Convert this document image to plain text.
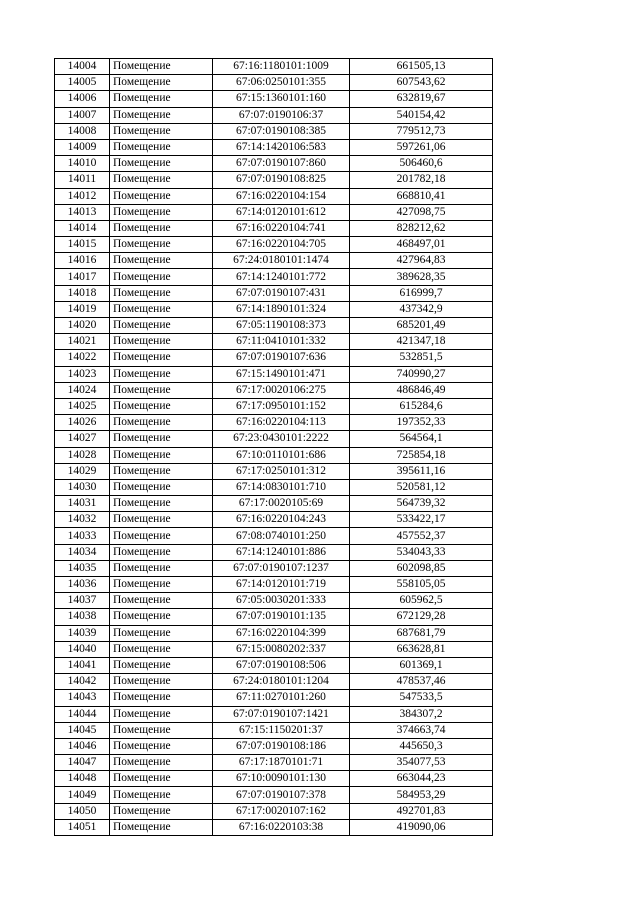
14004	Помещение	67:16:1180101:1009	661505,13
14005	Помещение	67:06:0250101:355	607543,62
14006	Помещение	67:15:1360101:160	632819,67
14007	Помещение	67:07:0190106:37	540154,42
14008	Помещение	67:07:0190108:385	779512,73
14009	Помещение	67:14:1420106:583	597261,06
14010	Помещение	67:07:0190107:860	506460,6
14011	Помещение	67:07:0190108:825	201782,18
14012	Помещение	67:16:0220104:154	668810,41
14013	Помещение	67:14:0120101:612	427098,75
14014	Помещение	67:16:0220104:741	828212,62
14015	Помещение	67:16:0220104:705	468497,01
14016	Помещение	67:24:0180101:1474	427964,83
14017	Помещение	67:14:1240101:772	389628,35
14018	Помещение	67:07:0190107:431	616999,7
14019	Помещение	67:14:1890101:324	437342,9
14020	Помещение	67:05:1190108:373	685201,49
14021	Помещение	67:11:0410101:332	421347,18
14022	Помещение	67:07:0190107:636	532851,5
14023	Помещение	67:15:1490101:471	740990,27
14024	Помещение	67:17:0020106:275	486846,49
14025	Помещение	67:17:0950101:152	615284,6
14026	Помещение	67:16:0220104:113	197352,33
14027	Помещение	67:23:0430101:2222	564564,1
14028	Помещение	67:10:0110101:686	725854,18
14029	Помещение	67:17:0250101:312	395611,16
14030	Помещение	67:14:0830101:710	520581,12
14031	Помещение	67:17:0020105:69	564739,32
14032	Помещение	67:16:0220104:243	533422,17
14033	Помещение	67:08:0740101:250	457552,37
14034	Помещение	67:14:1240101:886	534043,33
14035	Помещение	67:07:0190107:1237	602098,85
14036	Помещение	67:14:0120101:719	558105,05
14037	Помещение	67:05:0030201:333	605962,5
14038	Помещение	67:07:0190101:135	672129,28
14039	Помещение	67:16:0220104:399	687681,79
14040	Помещение	67:15:0080202:337	663628,81
14041	Помещение	67:07:0190108:506	601369,1
14042	Помещение	67:24:0180101:1204	478537,46
14043	Помещение	67:11:0270101:260	547533,5
14044	Помещение	67:07:0190107:1421	384307,2
14045	Помещение	67:15:1150201:37	374663,74
14046	Помещение	67:07:0190108:186	445650,3
14047	Помещение	67:17:1870101:71	354077,53
14048	Помещение	67:10:0090101:130	663044,23
14049	Помещение	67:07:0190107:378	584953,29
14050	Помещение	67:17:0020107:162	492701,83
14051	Помещение	67:16:0220103:38	419090,06
